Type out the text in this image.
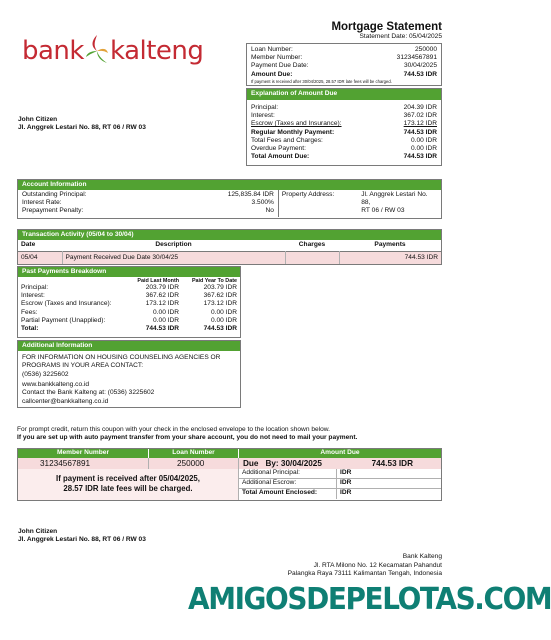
bank kalteng
Mortgage Statement
Statement Date: 05/04/2025
Loan Number:	250000
Member Number:	31234567891
Payment Due Date:	30/04/2025
Amount Due:	744.53 IDR
If payment is received after 30/04/2025, 28.57 IDR late fees will be charged.
Explanation of Amount Due
Principal:	204.39 IDR
Interest:	367.02 IDR
Escrow (Taxes and Insurance):	173.12 IDR
Regular Monthly Payment:	744.53 IDR
Total Fees and Charges:	0.00 IDR
Overdue Payment:	0.00 IDR
Total Amount Due:	744.53 IDR
John Citizen
Jl. Anggrek Lestari No. 88, RT 06 / RW 03
Account Information
Outstanding Principal:	125,835.84 IDR
Interest Rate:	3.500%
Prepayment Penalty:	No
Property Address:	Jl. Anggrek Lestari No. 88,
RT 06 / RW 03
Transaction Activity (05/04 to 30/04)
Date	Description	Charges	Payments
05/04	Payment Received Due Date 30/04/25		744.53 IDR
Past Payments Breakdown
	Paid Last Month	Paid Year To Date
Principal:	203.79 IDR	203.79 IDR
Interest:	367.62 IDR	367.62 IDR
Escrow (Taxes and Insurance):	173.12 IDR	173.12 IDR
Fees:	0.00 IDR	0.00 IDR
Partial Payment (Unapplied):	0.00 IDR	0.00 IDR
Total:	744.53 IDR	744.53 IDR
Additional Information
FOR INFORMATION ON HOUSING COUNSELING AGENCIES OR
PROGRAMS IN YOUR AREA CONTACT:
(0536) 3225602
www.bankkalteng.co.id
Contact the Bank Kalteng at: (0536) 3225602
callcenter@bankkalteng.co.id
For prompt credit, return this coupon with your check in the enclosed envelope to the location shown below.
If you are set up with auto payment transfer from your share account, you do not need to mail your payment.
Member Number	Loan Number	Amount Due
31234567891	250000	Due By: 30/04/2025	744.53 IDR
If payment is received after 05/04/2025,
28.57 IDR late fees will be charged.
Additional Principal:	IDR
Additional Escrow:	IDR
Total Amount Enclosed:	IDR
John Citizen
Jl. Anggrek Lestari No. 88, RT 06 / RW 03
Bank Kalteng
Jl. RTA Milono No. 12 Kecamatan Pahandut
Palangka Raya 73111 Kalimantan Tengah, Indonesia
AMIGOSDEPELOTAS.COM
